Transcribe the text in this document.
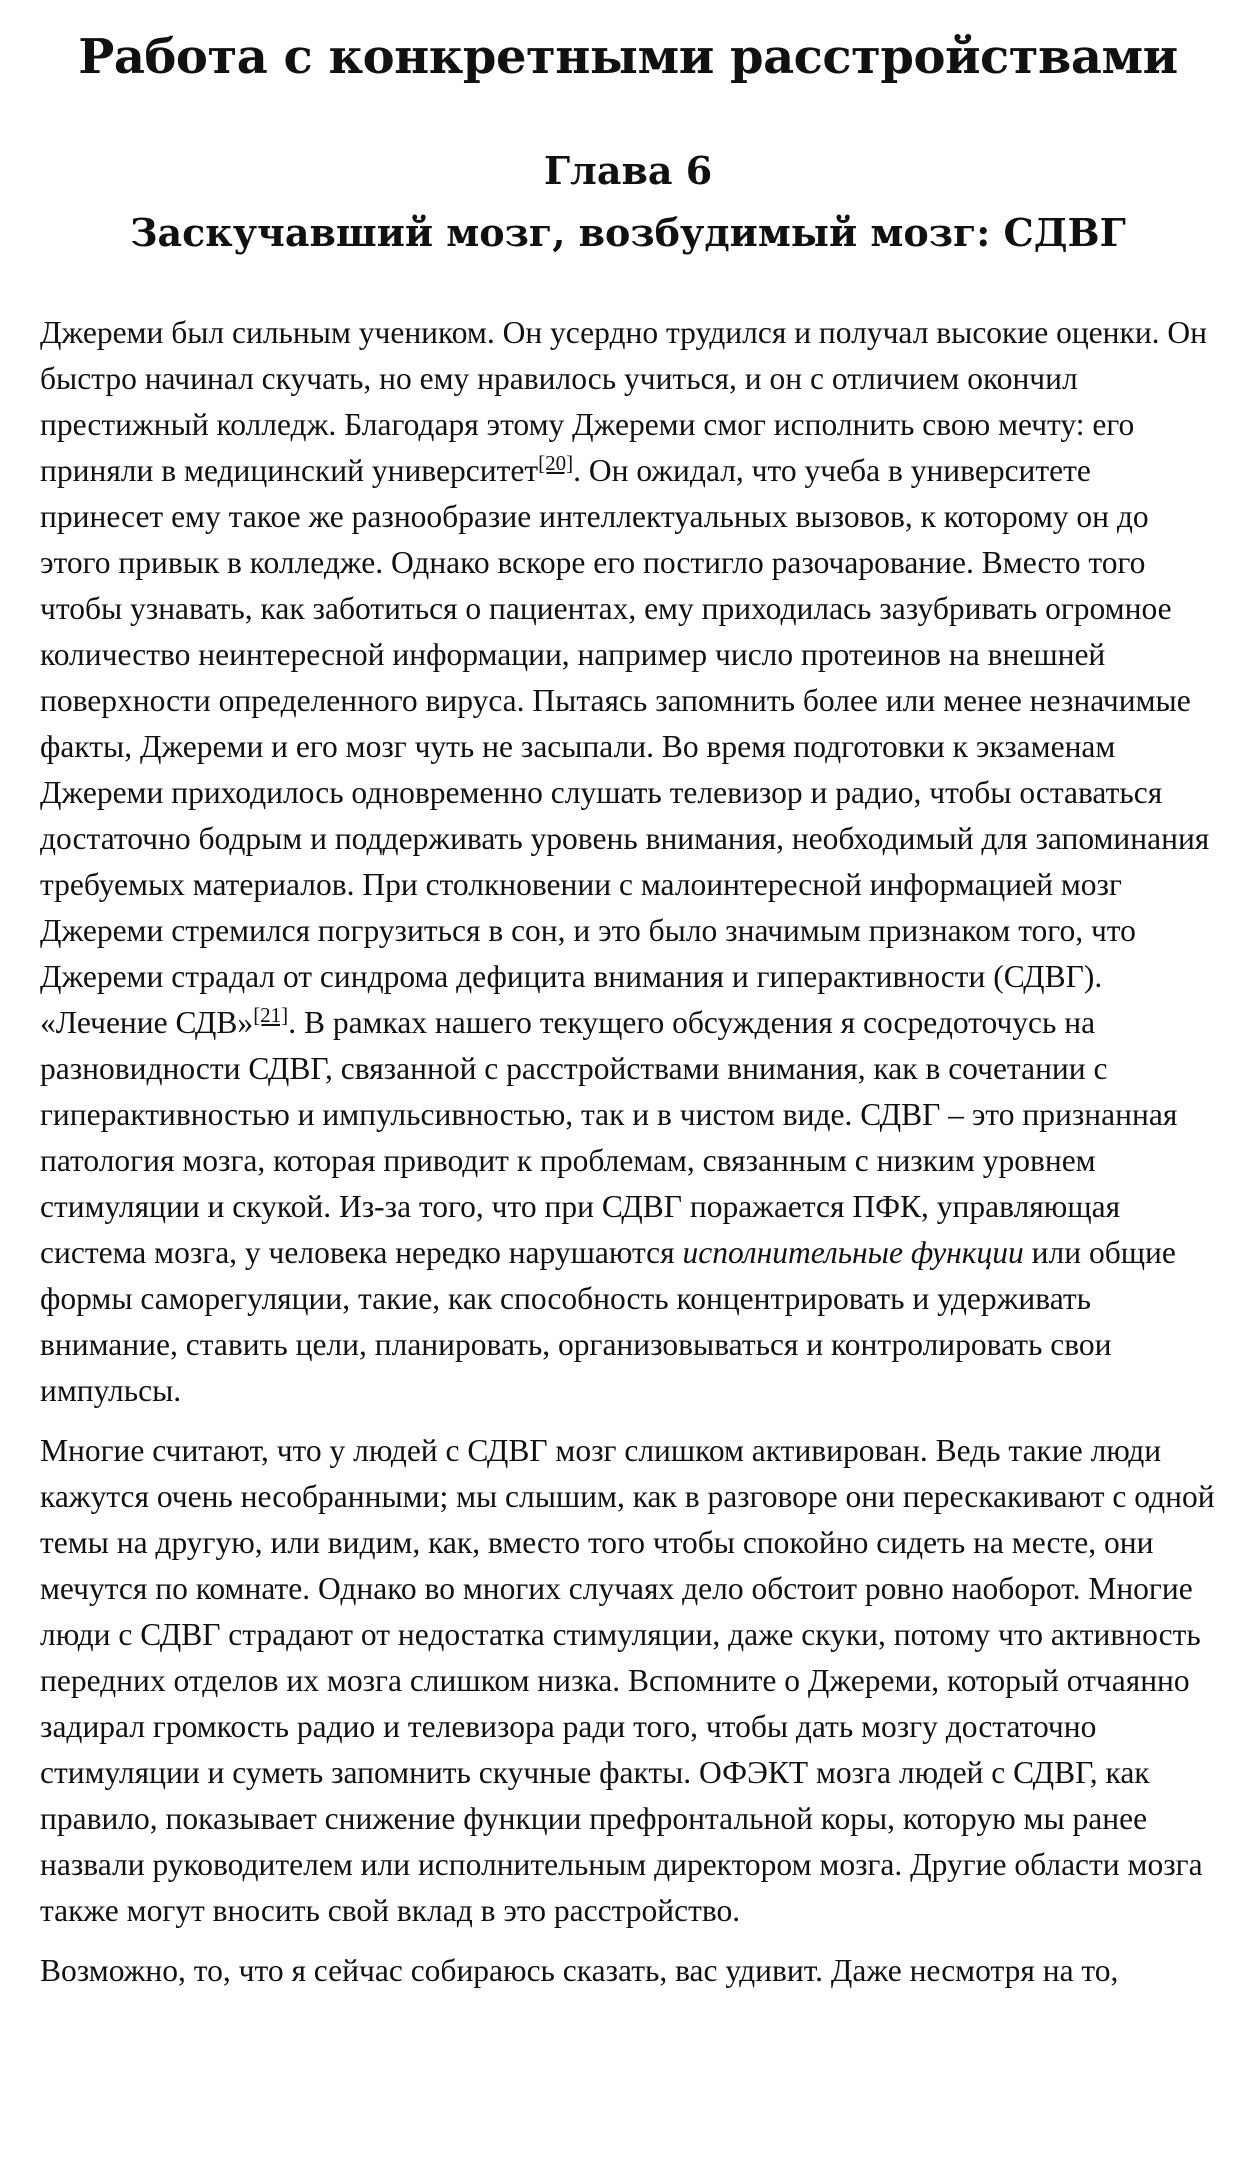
Работа с конкретными расстройствами
Глава 6
Заскучавший мозг, возбудимый мозг: СДВГ

Джереми был сильным учеником. Он усердно трудился и получал высокие оценки. Он быстро начинал скучать, но ему нравилось учиться, и он с отличием окончил престижный колледж. Благодаря этому Джереми смог исполнить свою мечту: его приняли в медицинский университет[20]. Он ожидал, что учеба в университете принесет ему такое же разнообразие интеллектуальных вызовов, к которому он до этого привык в колледже. Однако вскоре его постигло разочарование. Вместо того чтобы узнавать, как заботиться о пациентах, ему приходилась зазубривать огромное количество неинтересной информации, например число протеинов на внешней поверхности определенного вируса. Пытаясь запомнить более или менее незначимые факты, Джереми и его мозг чуть не засыпали. Во время подготовки к экзаменам Джереми приходилось одновременно слушать телевизор и радио, чтобы оставаться достаточно бодрым и поддерживать уровень внимания, необходимый для запоминания требуемых материалов. При столкновении с малоинтересной информацией мозг Джереми стремился погрузиться в сон, и это было значимым признаком того, что Джереми страдал от синдрома дефицита внимания и гиперактивности (СДВГ). «Лечение СДВ»[21]. В рамках нашего текущего обсуждения я сосредоточусь на разновидности СДВГ, связанной с расстройствами внимания, как в сочетании с гиперактивностью и импульсивностью, так и в чистом виде. СДВГ – это признанная патология мозга, которая приводит к проблемам, связанным с низким уровнем стимуляции и скукой. Из-за того, что при СДВГ поражается ПФК, управляющая система мозга, у человека нередко нарушаются исполнительные функции или общие формы саморегуляции, такие, как способность концентрировать и удерживать внимание, ставить цели, планировать, организовываться и контролировать свои импульсы.

Многие считают, что у людей с СДВГ мозг слишком активирован. Ведь такие люди кажутся очень несобранными; мы слышим, как в разговоре они перескакивают с одной темы на другую, или видим, как, вместо того чтобы спокойно сидеть на месте, они мечутся по комнате. Однако во многих случаях дело обстоит ровно наоборот. Многие люди с СДВГ страдают от недостатка стимуляции, даже скуки, потому что активность передних отделов их мозга слишком низка. Вспомните о Джереми, который отчаянно задирал громкость радио и телевизора ради того, чтобы дать мозгу достаточно стимуляции и суметь запомнить скучные факты. ОФЭКТ мозга людей с СДВГ, как правило, показывает снижение функции префронтальной коры, которую мы ранее назвали руководителем или исполнительным директором мозга. Другие области мозга также могут вносить свой вклад в это расстройство.

Возможно, то, что я сейчас собираюсь сказать, вас удивит. Даже несмотря на то,
